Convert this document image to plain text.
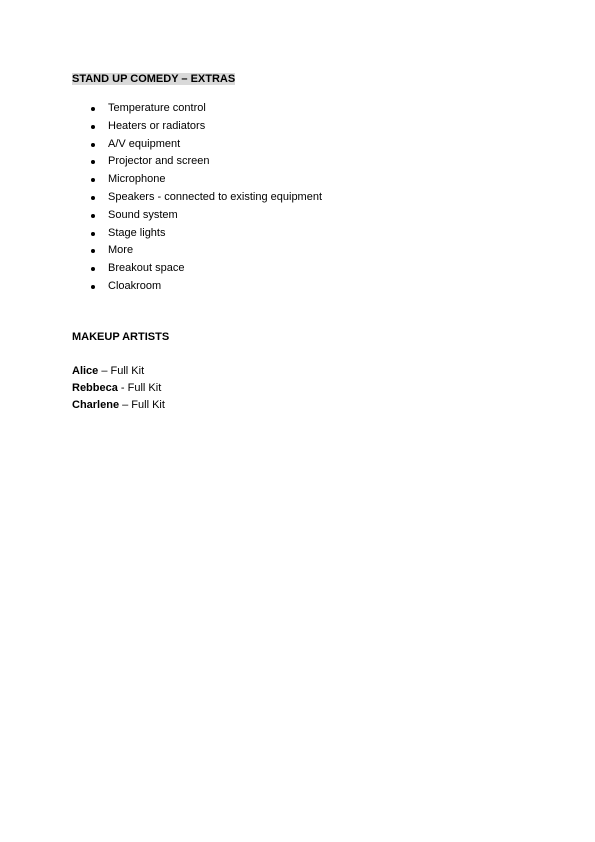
STAND UP COMEDY – EXTRAS

Temperature control
Heaters or radiators
A/V equipment
Projector and screen
Microphone
Speakers - connected to existing equipment
Sound system
Stage lights
More
Breakout space
Cloakroom

MAKEUP ARTISTS

Alice – Full Kit
Rebbeca - Full Kit
Charlene – Full Kit
